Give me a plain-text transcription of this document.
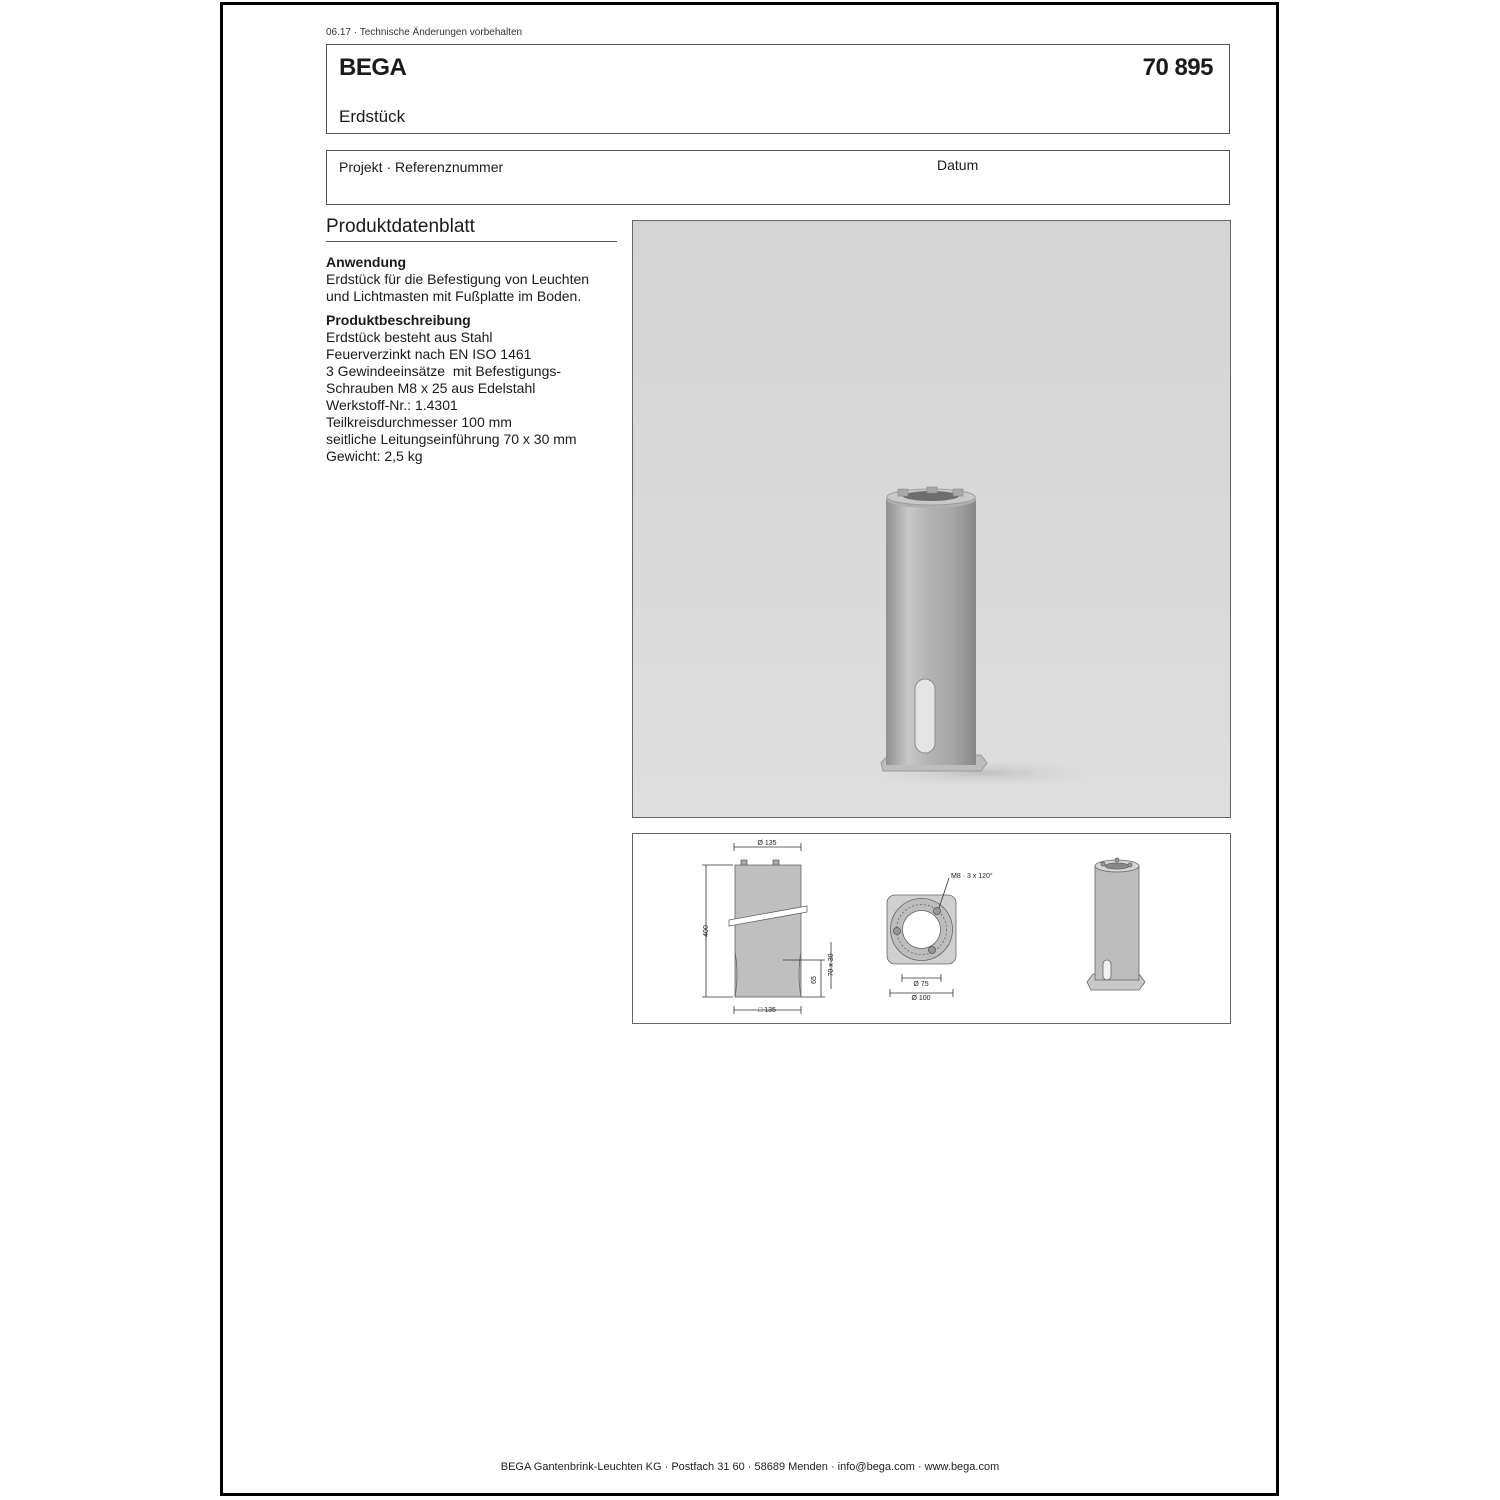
06.17 · Technische Änderungen vorbehalten
BEGA	70 895
Erdstück
Projekt · Referenznummer	Datum
Produktdatenblatt
Anwendung
Erdstück für die Befestigung von Leuchten
und Lichtmasten mit Fußplatte im Boden.
Produktbeschreibung
Erdstück besteht aus Stahl
Feuerverzinkt nach EN ISO 1461
3 Gewindeeinsätze  mit Befestigungs-
Schrauben M8 x 25 aus Edelstahl
Werkstoff-Nr.: 1.4301
Teilkreisdurchmesser 100 mm
seitliche Leitungseinführung 70 x 30 mm
Gewicht: 2,5 kg
Ø 135
400
65
70 x 30
□ 135
M8 · 3 x 120°
Ø 75
Ø 100
BEGA Gantenbrink-Leuchten KG · Postfach 31 60 · 58689 Menden · info@bega.com · www.bega.com
